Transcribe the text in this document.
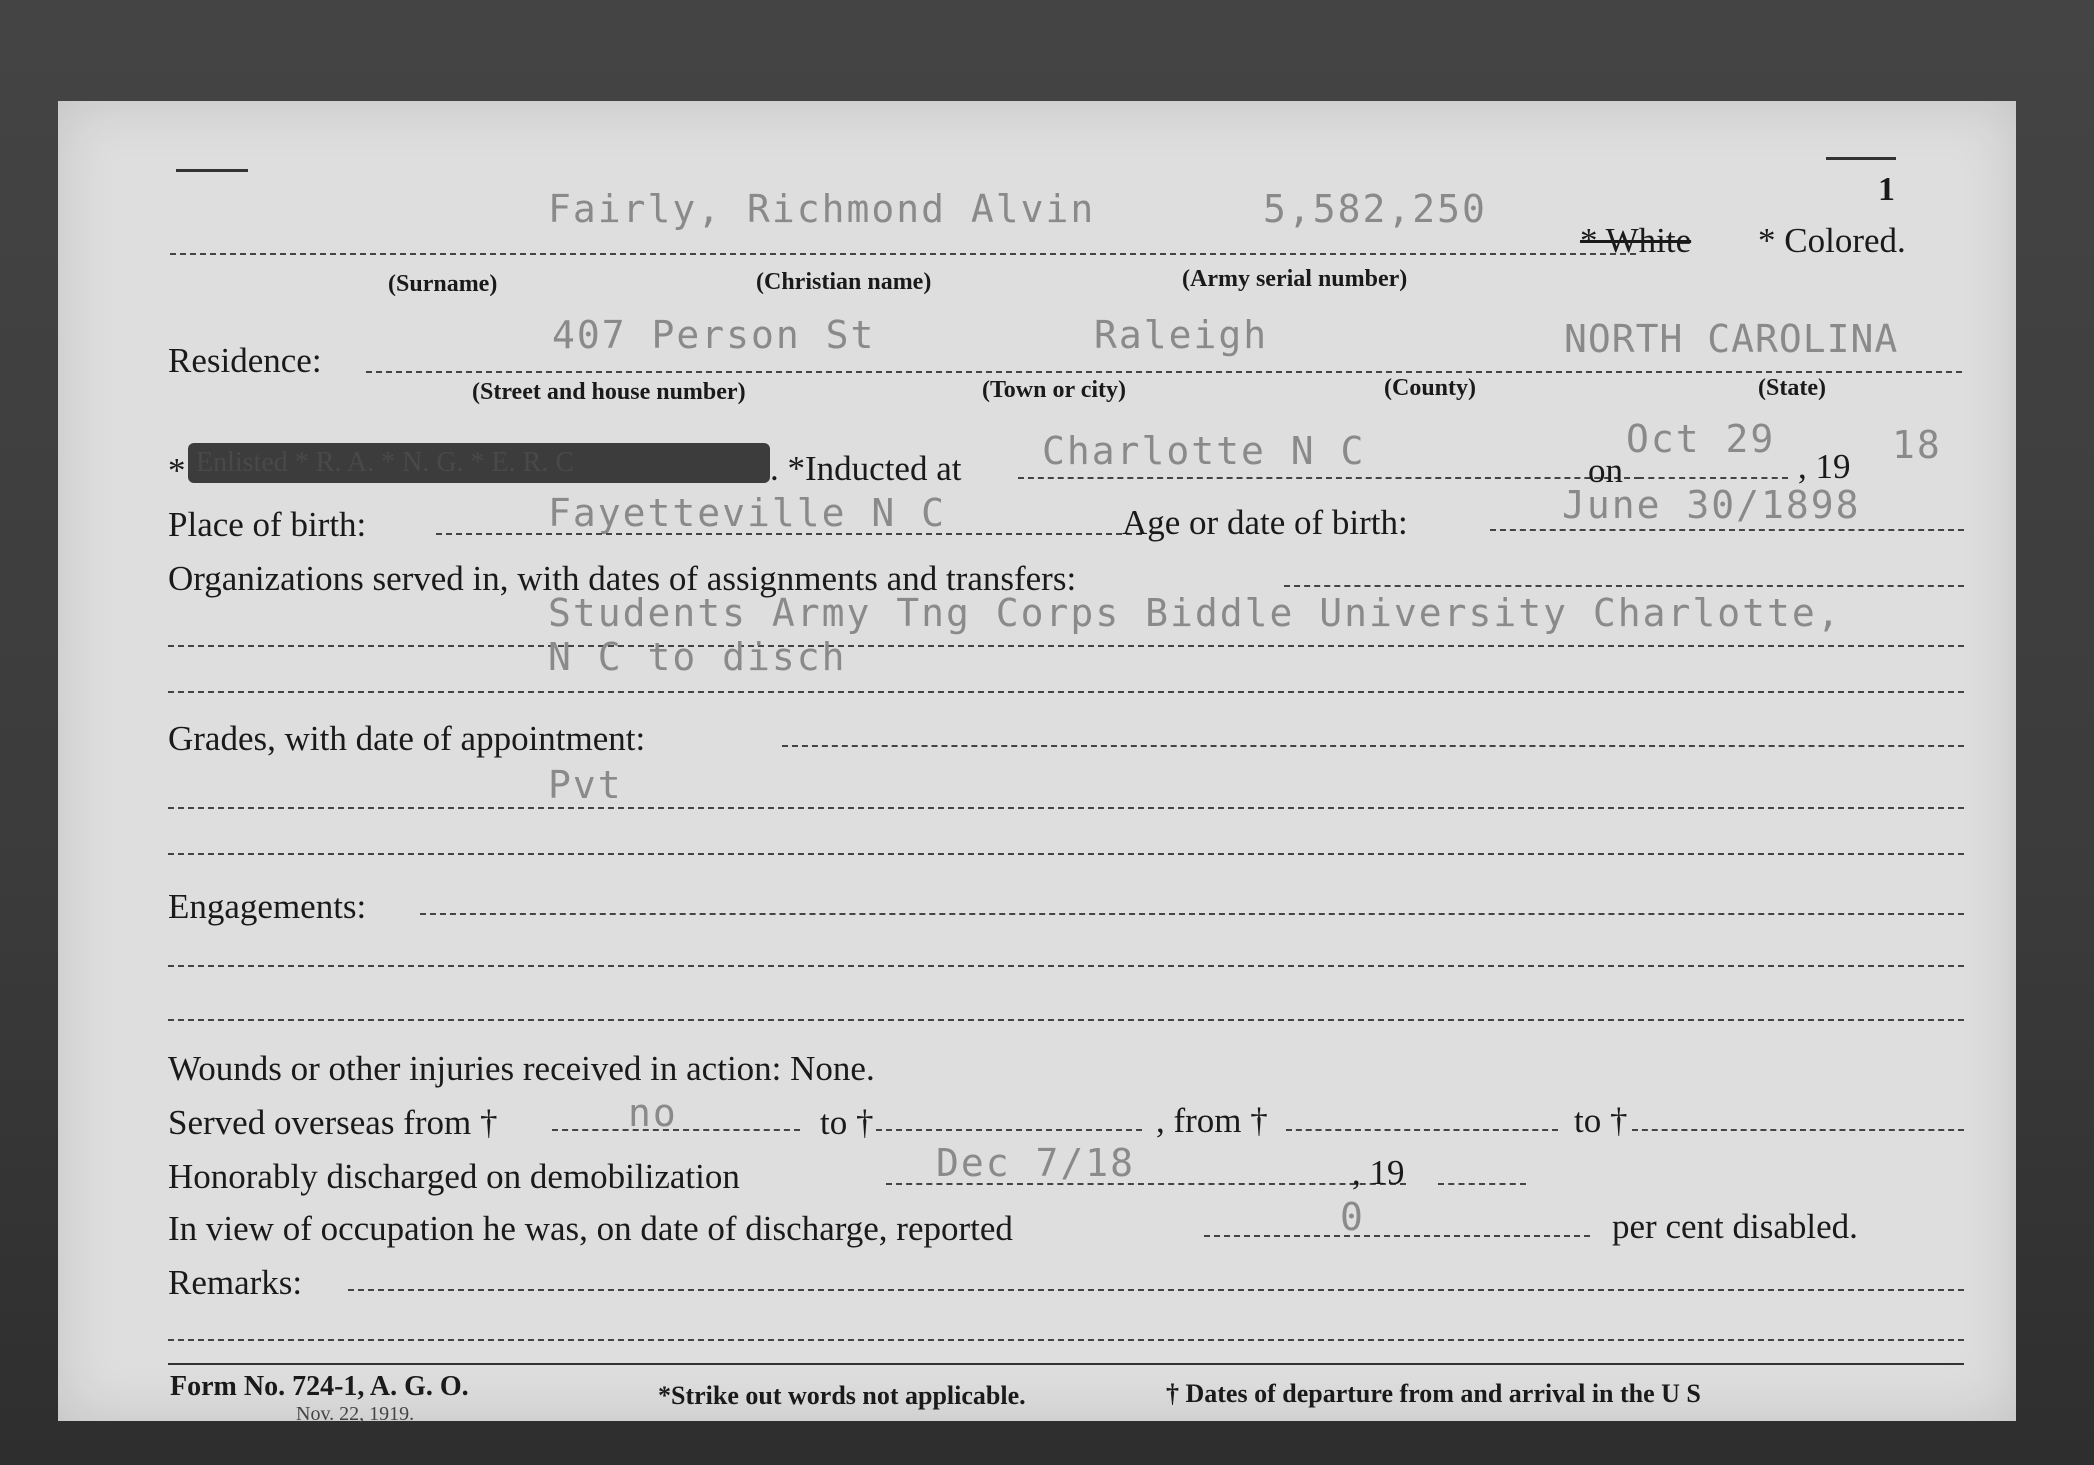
1
Fairly, Richmond Alvin	5,582,250
* White * Colored.
(Surname)	(Christian name)	(Army serial number)
Residence:
407 Person St	Raleigh	NORTH CAROLINA
(Street and house number)	(Town or city)	(County)	(State)
* Enlisted * R. A. * N. G. * E. R. C	. *Inducted at Charlotte N C	on
Oct 29
, 19 18
Place of birth:	Fayetteville N C	Age or date of birth:	June 30/1898
Organizations served in, with dates of assignments and transfers:
Students Army Tng Corps Biddle University Charlotte,
N C to disch
Grades, with date of appointment:
Pvt
Engagements:
Wounds or other injuries received in action: None.
Served overseas from †	no	to †	, from †	to †
Honorably discharged on demobilization	Dec 7/18	, 19
In view of occupation he was, on date of discharge, reported	0	per cent disabled.
Remarks:
Form No. 724-1, A. G. O.
Nov. 22, 1919.
*Strike out words not applicable.	† Dates of departure from and arrival in the U S
